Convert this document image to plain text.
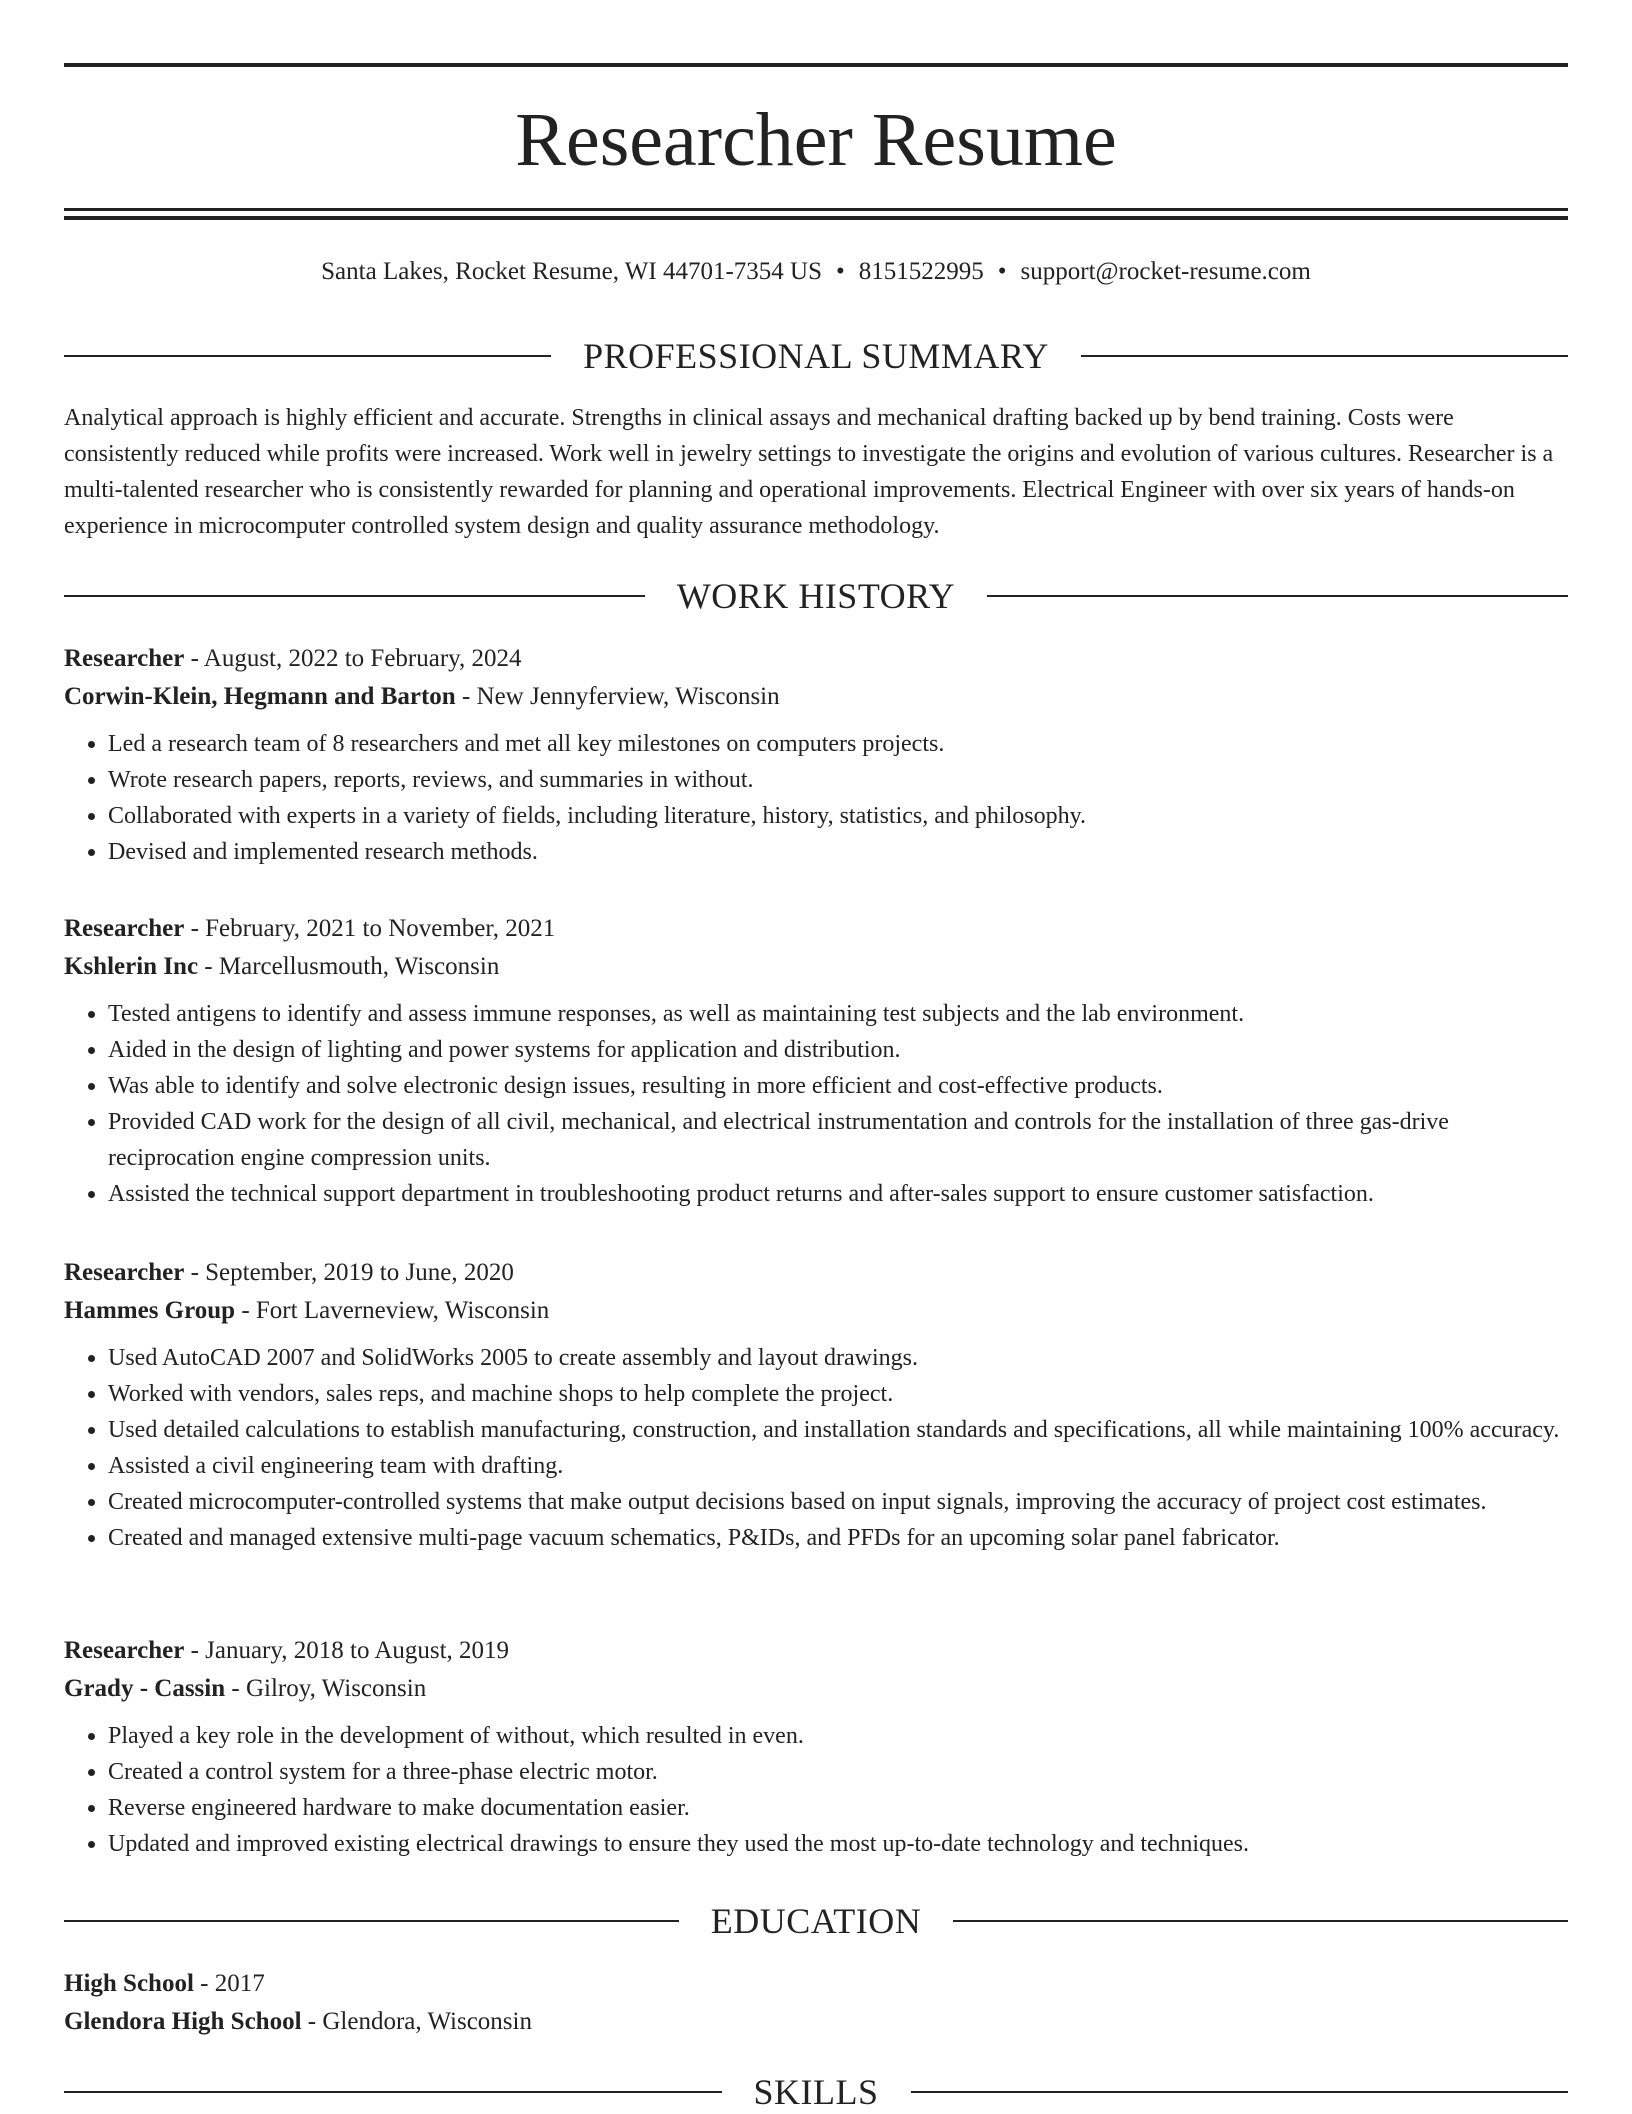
Researcher Resume
Santa Lakes, Rocket Resume, WI 44701-7354 US • 8151522995 • support@rocket-resume.com
PROFESSIONAL SUMMARY

Analytical approach is highly efficient and accurate. Strengths in clinical assays and mechanical drafting backed up by bend training. Costs were consistently reduced while profits were increased. Work well in jewelry settings to investigate the origins and evolution of various cultures. Researcher is a multi-talented researcher who is consistently rewarded for planning and operational improvements. Electrical Engineer with over six years of hands-on experience in microcomputer controlled system design and quality assurance methodology.

WORK HISTORY
Researcher - August, 2022 to February, 2024
Corwin-Klein, Hegmann and Barton - New Jennyferview, Wisconsin
• Led a research team of 8 researchers and met all key milestones on computers projects.
• Wrote research papers, reports, reviews, and summaries in without.
• Collaborated with experts in a variety of fields, including literature, history, statistics, and philosophy.
• Devised and implemented research methods.
Researcher - February, 2021 to November, 2021
Kshlerin Inc - Marcellusmouth, Wisconsin
• Tested antigens to identify and assess immune responses, as well as maintaining test subjects and the lab environment.
• Aided in the design of lighting and power systems for application and distribution.
• Was able to identify and solve electronic design issues, resulting in more efficient and cost-effective products.
• Provided CAD work for the design of all civil, mechanical, and electrical instrumentation and controls for the installation of three gas-drive reciprocation engine compression units.
• Assisted the technical support department in troubleshooting product returns and after-sales support to ensure customer satisfaction.
Researcher - September, 2019 to June, 2020
Hammes Group - Fort Laverneview, Wisconsin
• Used AutoCAD 2007 and SolidWorks 2005 to create assembly and layout drawings.
• Worked with vendors, sales reps, and machine shops to help complete the project.
• Used detailed calculations to establish manufacturing, construction, and installation standards and specifications, all while maintaining 100% accuracy.
• Assisted a civil engineering team with drafting.
• Created microcomputer-controlled systems that make output decisions based on input signals, improving the accuracy of project cost estimates.
• Created and managed extensive multi-page vacuum schematics, P&IDs, and PFDs for an upcoming solar panel fabricator.
Researcher - January, 2018 to August, 2019
Grady - Cassin - Gilroy, Wisconsin
• Played a key role in the development of without, which resulted in even.
• Created a control system for a three-phase electric motor.
• Reverse engineered hardware to make documentation easier.
• Updated and improved existing electrical drawings to ensure they used the most up-to-date technology and techniques.
EDUCATION
High School - 2017
Glendora High School - Glendora, Wisconsin
SKILLS
